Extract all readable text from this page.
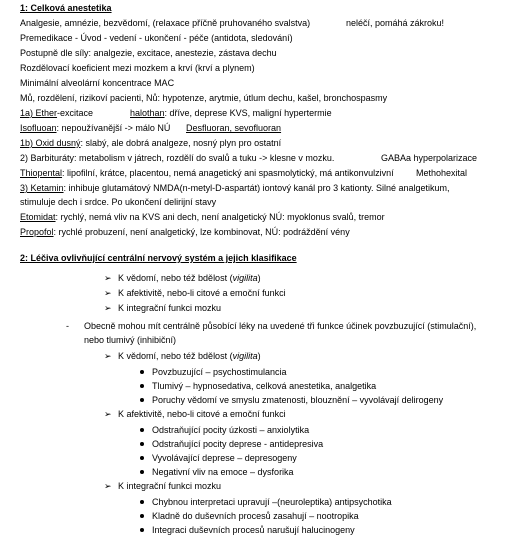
1: Celková anestetika
Analgesie, amnézie, bezvědomí, (relaxace příčně pruhovaného svalstva)	neléčí, pomáhá zákroku!
Premedikace - Úvod - vedení - ukončení - péče (antidota, sledování)
Postupně dle síly: analgezie, excitace, anestezie, zástava dechu
Rozdělovací koeficient mezi mozkem a krví (krví a plynem)
Minimální alveolární koncentrace MAC
Mů, rozdělení, rizikoví pacienti, Nů: hypotenze, arytmie, útlum dechu, kašel, bronchospasmy
1a) Ether-excitace	halothan: dříve, deprese KVS, maligní hypertermie
Isofluoan: nepoužívanější -> málo NÚ Desfluoran, sevofluoran
1b) Oxid dusný: slabý, ale dobrá analgeze, nosný plyn pro ostatní
2) Barbituráty: metabolism v játrech, rozdělí do svalů a tuku -> klesne v mozku.	GABAa hyperpolarizace
Thiopental: lipofilní, krátce, placentou, nemá anagetický ani spasmolytický, má antikonvulzivní Methohexital
3) Ketamin: inhibuje glutamátový NMDA(n-metyl-D-aspartát) iontový kanál pro 3 kationty. Silné analgetikum,
stimuluje dech i srdce. Po ukončení delirijní stavy
Etomidat: rychlý, nemá vliv na KVS ani dech, není analgetický NÚ: myoklonus svalů, tremor
Propofol: rychlé probuzení, není analgetický, lze kombinovat, NÚ: podráždění vény
2: Léčiva ovlivňující centrální nervový systém a jejich klasifikace
➢ K vědomí, nebo též bdělost (vigilita)
➢ K afektivitě, nebo-li citové a emoční funkci
➢ K integrační funkci mozku
- Obecně mohou mít centrálně působící léky na uvedené tři funkce účinek povzbuzující (stimulační),
nebo tlumivý (inhibiční)
➢ K vědomí, nebo též bdělost (vigilita)
Povzbuzující – psychostimulancia
Tlumivý – hypnosedativa, celková anestetika, analgetika
Poruchy vědomí ve smyslu zmatenosti, blouznění – vyvolávají delirogeny
➢ K afektivitě, nebo-li citové a emoční funkci
Odstraňující pocity úzkosti – anxiolytika
Odstraňující pocity deprese - antidepresiva
Vyvolávající deprese – depresogeny
Negativní vliv na emoce – dysforika
➢ K integrační funkci mozku
Chybnou interpretaci upravují –(neuroleptika) antipsychotika
Kladně do duševních procesů zasahují – nootropika
Integraci duševních procesů narušují halucinogeny
